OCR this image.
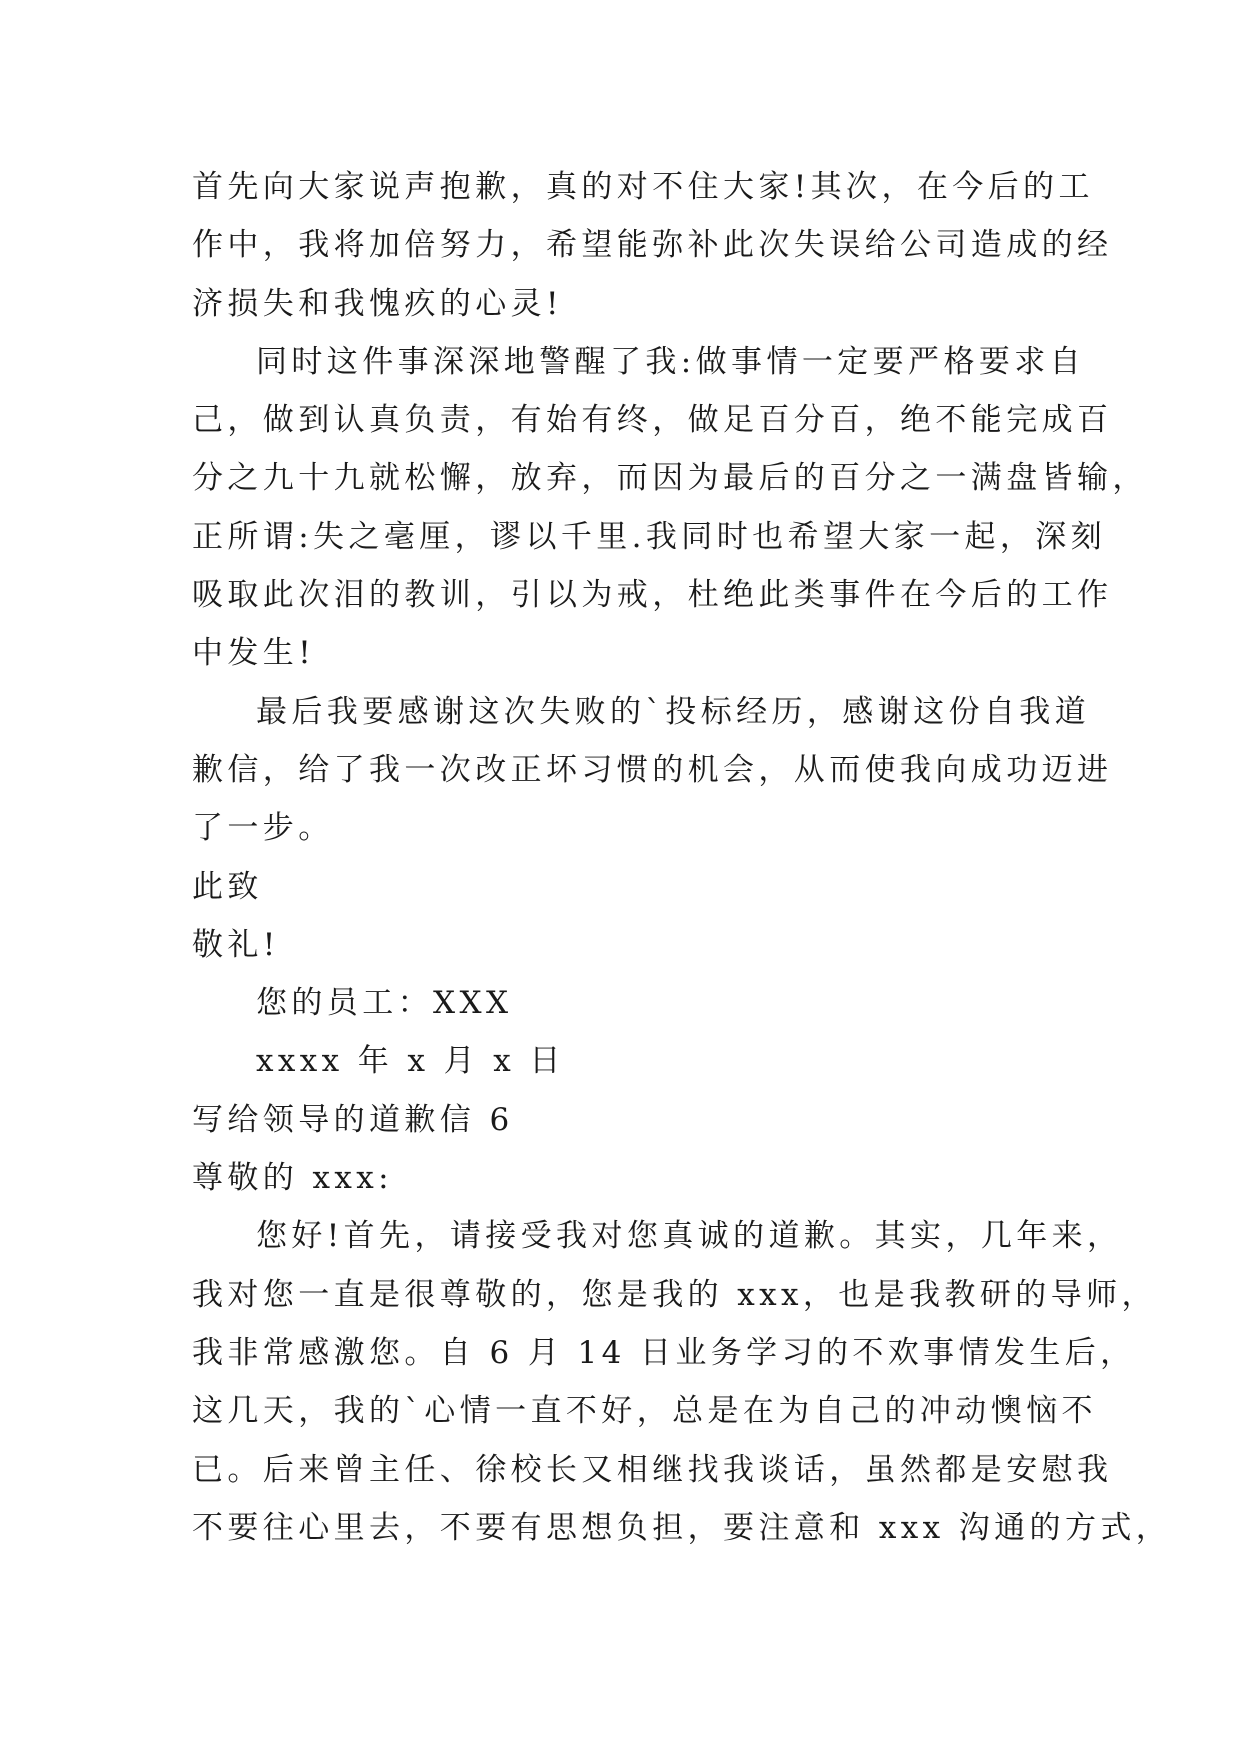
首先向大家说声抱歉，真的对不住大家!其次，在今后的工
作中，我将加倍努力，希望能弥补此次失误给公司造成的经
济损失和我愧疚的心灵!
同时这件事深深地警醒了我:做事情一定要严格要求自
己，做到认真负责，有始有终，做足百分百，绝不能完成百
分之九十九就松懈，放弃，而因为最后的百分之一满盘皆输，
正所谓:失之毫厘，谬以千里.我同时也希望大家一起，深刻
吸取此次泪的教训，引以为戒，杜绝此类事件在今后的工作
中发生!
最后我要感谢这次失败的`投标经历，感谢这份自我道
歉信，给了我一次改正坏习惯的机会，从而使我向成功迈进
了一步。
此致
敬礼!
您的员工：XXX
xxxx 年 x 月 x 日
写给领导的道歉信 6
尊敬的 xxx:
您好!首先，请接受我对您真诚的道歉。其实，几年来，
我对您一直是很尊敬的，您是我的 xxx，也是我教研的导师，
我非常感激您。自 6 月 14 日业务学习的不欢事情发生后，
这几天，我的`心情一直不好，总是在为自己的冲动懊恼不
已。后来曾主任、徐校长又相继找我谈话，虽然都是安慰我
不要往心里去，不要有思想负担，要注意和 xxx 沟通的方式，
